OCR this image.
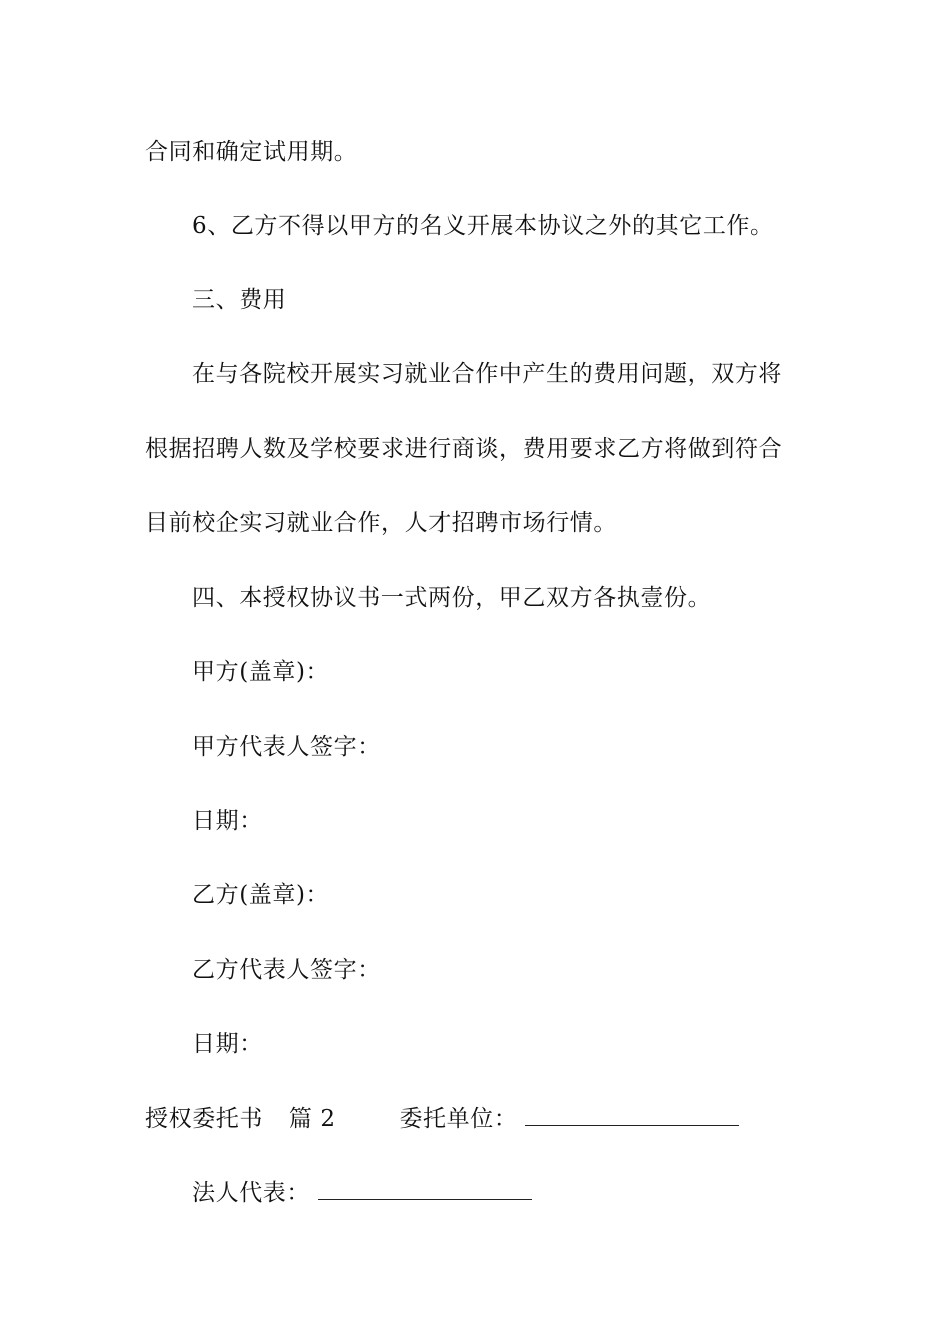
合同和确定试用期。
6、乙方不得以甲方的名义开展本协议之外的其它工作。
三、费用
在与各院校开展实习就业合作中产生的费用问题，双方将
根据招聘人数及学校要求进行商谈，费用要求乙方将做到符合
目前校企实习就业合作，人才招聘市场行情。
四、本授权协议书一式两份，甲乙双方各执壹份。
甲方(盖章)：
甲方代表人签字：
日期：
乙方(盖章)：
乙方代表人签字：
日期：
授权委托书 篇 2	委托单位：
法人代表：
